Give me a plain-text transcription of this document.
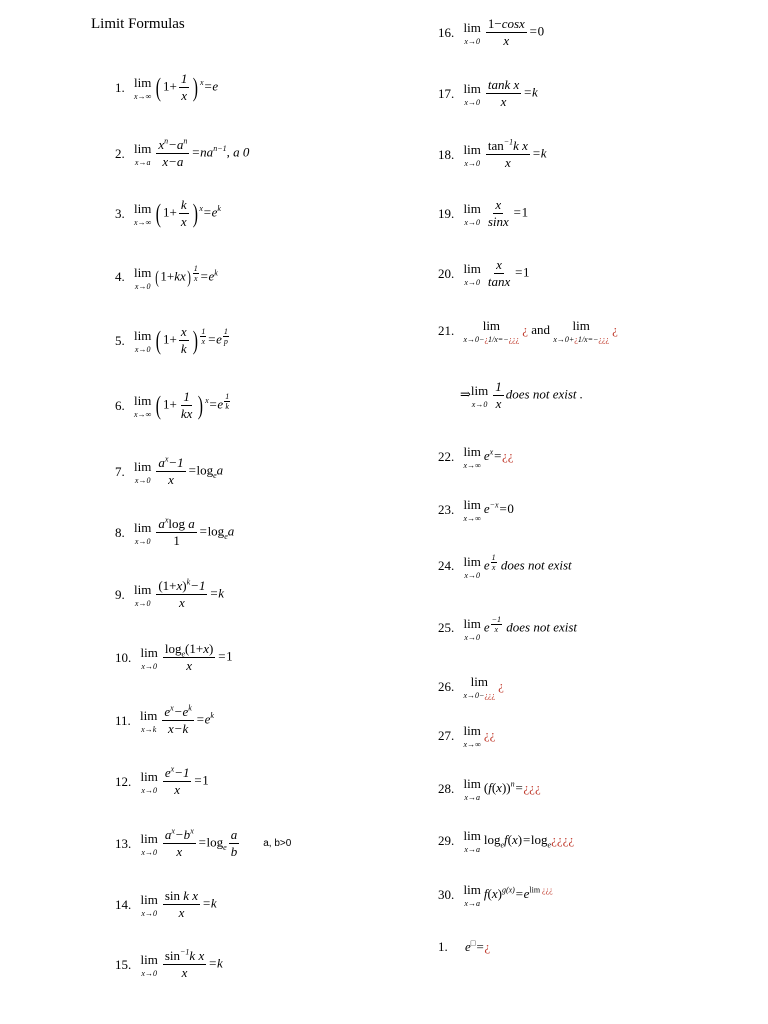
Limit Formulas
1. lim
x→∞ ( $1+ \frac{1}{x}$ ) $^x$=e
2. lim
$x\to a \frac{x^n-a^n}{x-a} =na^{n-1}$, a 0
3. lim
x→∞ ( $1+ \frac{k}{x}$ ) $^x=e^k$
4. lim
x→0 (1+kx) $^{\frac{1}{x}} =e^k$
5. lim
x→0 ( $1+ \frac{x}{k}$ ) $^{\frac{1}{x}}$ =e $^{\frac{1}{p}}$
6. lim
x→∞ ( $1+ \frac{1}{kx}$ ) $^x$=e $^{\frac{1}{k}}$
7. lim
$x\to 0 \frac{a^x-1}{x} =\log_ea$
8. lim
$x\to 0 \frac{a^x\log a}{1} =\log_ea$
9. lim
$x\to 0 \frac{(1+x)^k-1}{x} =k$
10. lim
$x\to 0 \frac{\log_e(1+x)}{x} =1$
11. lim
$x\to k \frac{e^x-e^k}{x-k} =e^k$
12. lim
$x\to 0 \frac{e^x-1}{x} =1$
13. lim
$x\to 0 \frac{a^x-b^x}{x} =\log_e \frac{a}{b} a$, b>0
14. lim
$x\to 0 \frac{\text{sin k x}}{x} =k$
15. lim
$x\to 0 \frac{\sin^{-1}k x}{x} =k$
16. lim
$x\to 0 \frac{1-\cos x}{x} =0$
17. lim
$x\to 0 \frac{\text{tank x}}{x} =k$
18. lim
$x\to 0 \frac{\tan^{-1}k x}{x} =k$
19. lim
$x\to 0 \frac{x}{\sin x} =1$
20. lim
$x\to 0 \frac{x}{\tan x} =1$
21. lim
x→0−¿1/x=−¿¿¿
¿ and lim
x→0+¿1/x=−¿¿¿
¿
⇒ lim
$x\to 0 \frac{1}{x}$ does not exist .
22. lim
x→∞
$e^x=¿¿$
23. lim
x→∞
$e^{-x}=0$
24. lim
x→0
e $^{\frac{1}{x}}$ does not exist
25. lim
x→0
e $^{\frac{-1}{x}}$ does not exist
26. lim
x→0−¿¿¿
¿
27. lim
x→∞
¿¿
28. lim
x→a
$(f(x))^n=¿¿¿$
29. lim
x→a
$\log_ef(x)=\log_e¿¿¿¿$
30. lim
x→a
$f(x)^{g(x)}=e^{lim ¿¿¿}$
1. e□=¿
